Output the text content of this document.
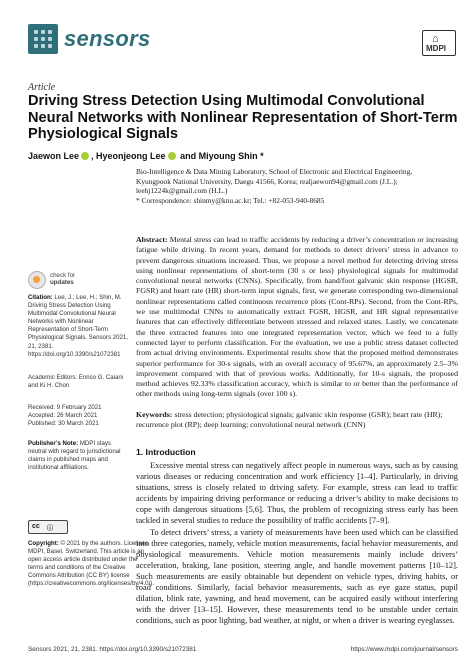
sensors	⌂
MDPI
Article
Driving Stress Detection Using Multimodal Convolutional Neural Networks with Nonlinear Representation of Short-Term Physiological Signals
Jaewon Lee , Hyeonjeong Lee and Miyoung Shin *
Bio-Intelligence & Data Mining Laboratory, School of Electronic and Electrical Engineering,
Kyungpook National University, Daegu 41566, Korea; realjaewon94@gmail.com (J.L.);
leehj1224k@gmail.com (H.L.)
* Correspondence: shinmy@knu.ac.kr; Tel.: +82-053-940-8685
Abstract: Mental stress can lead to traffic accidents by reducing a driver’s concentration or increasing fatigue while driving. In recent years, demand for methods to detect drivers’ stress in advance to prevent dangerous situations increased. Thus, we propose a novel method for detecting driving stress using nonlinear representations of short-term (30 s or less) physiological signals for multimodal convolutional neural networks (CNNs). Specifically, from hand/foot galvanic skin response (HGSR, FGSR) and heart rate (HR) short-term input signals, first, we generate corresponding two-dimensional nonlinear representations called continuous recurrence plots (Cont-RPs). Second, from the Cont-RPs, we use multimodal CNNs to automatically extract FGSR, HGSR, and HR signal representative features that can effectively differentiate between stressed and relaxed states. Lastly, we concatenate the three extracted features into one integrated representation vector, which we feed to a fully connected layer to perform classification. For the evaluation, we use a public stress dataset collected from actual driving environments. Experimental results show that the proposed method demonstrates superior performance for 30-s signals, with an overall accuracy of 95.67%, an approximately 2.5–3% improvement compared with that of previous works. Additionally, for 10-s signals, the proposed method achieves 92.33% classification accuracy, which is similar to or better than the performance of other methods using long-term signals (over 100 s).
Keywords: stress detection; physiological signals; galvanic skin response (GSR); heart rate (HR); recurrence plot (RP); deep learning; convolutional neural network (CNN)
check for
updates
Citation: Lee, J.; Lee, H.; Shin, M. Driving Stress Detection Using Multimodal Convolutional Neural Networks with Nonlinear Representation of Short-Term Physiological Signals. Sensors 2021, 21, 2381. https://doi.org/10.3390/s21072381
Academic Editors: Enrico G. Caiani and Ki H. Chon
Received: 9 February 2021
Accepted: 26 March 2021
Published: 30 March 2021
Publisher’s Note: MDPI stays neutral with regard to jurisdictional claims in published maps and institutional affiliations.
cc ⓘ
Copyright: © 2021 by the authors. Licensee MDPI, Basel, Switzerland. This article is an open access article distributed under the terms and conditions of the Creative Commons Attribution (CC BY) license (https://creativecommons.org/licenses/by/4.0/).
1. Introduction

Excessive mental stress can negatively affect people in numerous ways, such as by causing various diseases or reducing concentration and work efficiency [1–4]. Particularly, in driving situations, stress is closely related to driving safety. For example, stress can lead to traffic accidents by impairing driving performance or reducing a driver’s ability to make decisions to cope with dangerous situations [5,6]. Thus, the problem of recognizing stress early has been tackled in several studies to reduce the possibility of traffic accidents [7–9].

To detect drivers’ stress, a variety of measurements have been used which can be classified into three categories, namely, vehicle motion measurements, facial behavior measurements, and physiological measurements. Vehicle motion measurements mainly include drivers’ acceleration, braking, lane position, steering angle, and handle movement patterns [10–12]. Such measurements are easily obtainable but dependent on vehicle types, driving habits, or road conditions. Similarly, facial behavior measurements, such as eye gaze status, pupil dilation, blink rate, yawning, and head movement, can be acquired easily without interfering with the driver [13–15]. However, these measurements tend to be unstable under certain conditions, such as poor lighting, bad weather, at night, or when a driver is wearing eyeglasses.

Sensors 2021, 21, 2381. https://doi.org/10.3390/s21072381	https://www.mdpi.com/journal/sensors
